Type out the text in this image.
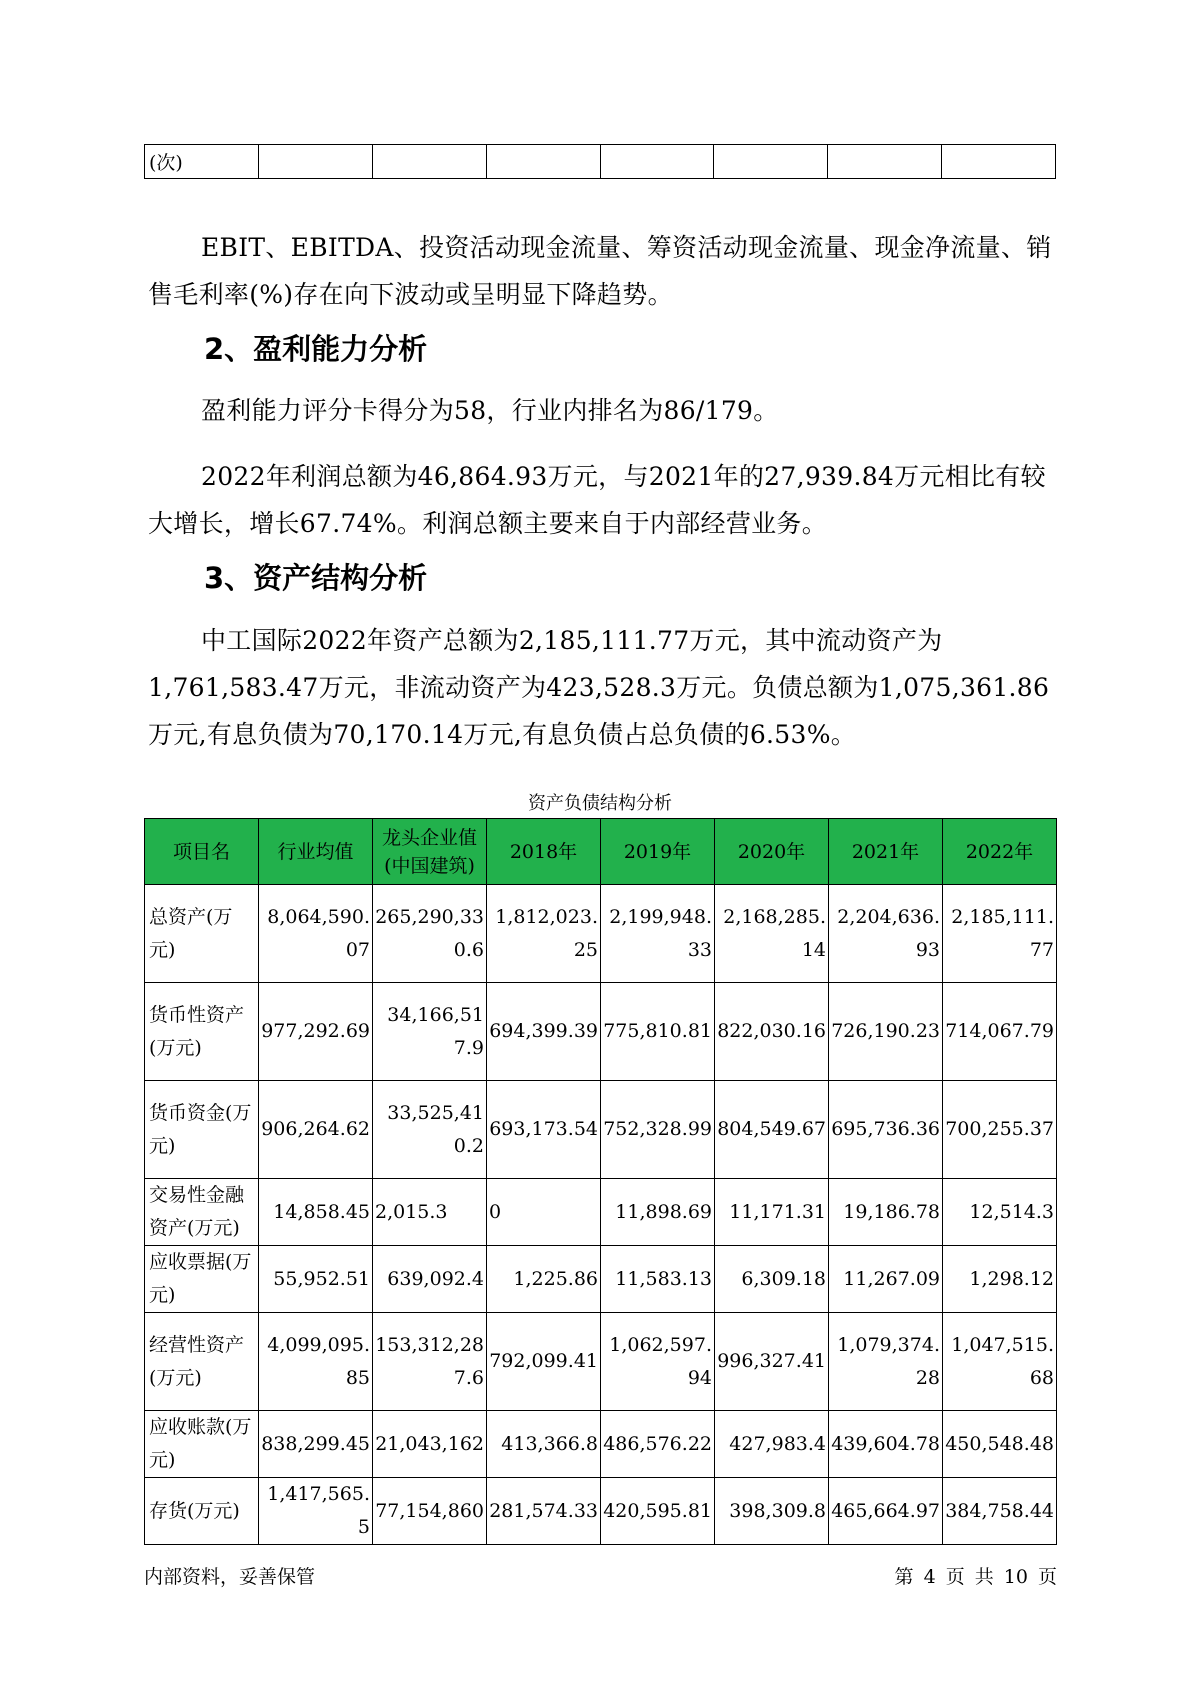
(次)							

EBIT、EBITDA、投资活动现金流量、筹资活动现金流量、现金净流量、销售毛利率(%)存在向下波动或呈明显下降趋势。

2、盈利能力分析

盈利能力评分卡得分为58，行业内排名为86/179。

2022年利润总额为46,864.93万元，与2021年的27,939.84万元相比有较大增长，增长67.74%。利润总额主要来自于内部经营业务。

3、资产结构分析

中工国际2022年资产总额为2,185,111.77万元，其中流动资产为1,761,583.47万元，非流动资产为423,528.3万元。负债总额为1,075,361.86万元,有息负债为70,170.14万元,有息负债占总负债的6.53%。

资产负债结构分析
项目名	行业均值	龙头企业值(中国建筑)	2018年	2019年	2020年	2021年	2022年
总资产(万元)	8,064,590.07	265,290,330.6	1,812,023.25	2,199,948.33	2,168,285.14	2,204,636.93	2,185,111.77
货币性资产(万元)	977,292.69	34,166,517.9	694,399.39	775,810.81	822,030.16	726,190.23	714,067.79
货币资金(万元)	906,264.62	33,525,410.2	693,173.54	752,328.99	804,549.67	695,736.36	700,255.37
交易性金融资产(万元)	14,858.45	2,015.3	0	11,898.69	11,171.31	19,186.78	12,514.3
应收票据(万元)	55,952.51	639,092.4	1,225.86	11,583.13	6,309.18	11,267.09	1,298.12
经营性资产(万元)	4,099,095.85	153,312,287.6	792,099.41	1,062,597.94	996,327.41	1,079,374.28	1,047,515.68
应收账款(万元)	838,299.45	21,043,162	413,366.8	486,576.22	427,983.4	439,604.78	450,548.48
存货(万元)	1,417,565.5	77,154,860	281,574.33	420,595.81	398,309.8	465,664.97	384,758.44
内部资料，妥善保管	第 4 页 共 10 页
